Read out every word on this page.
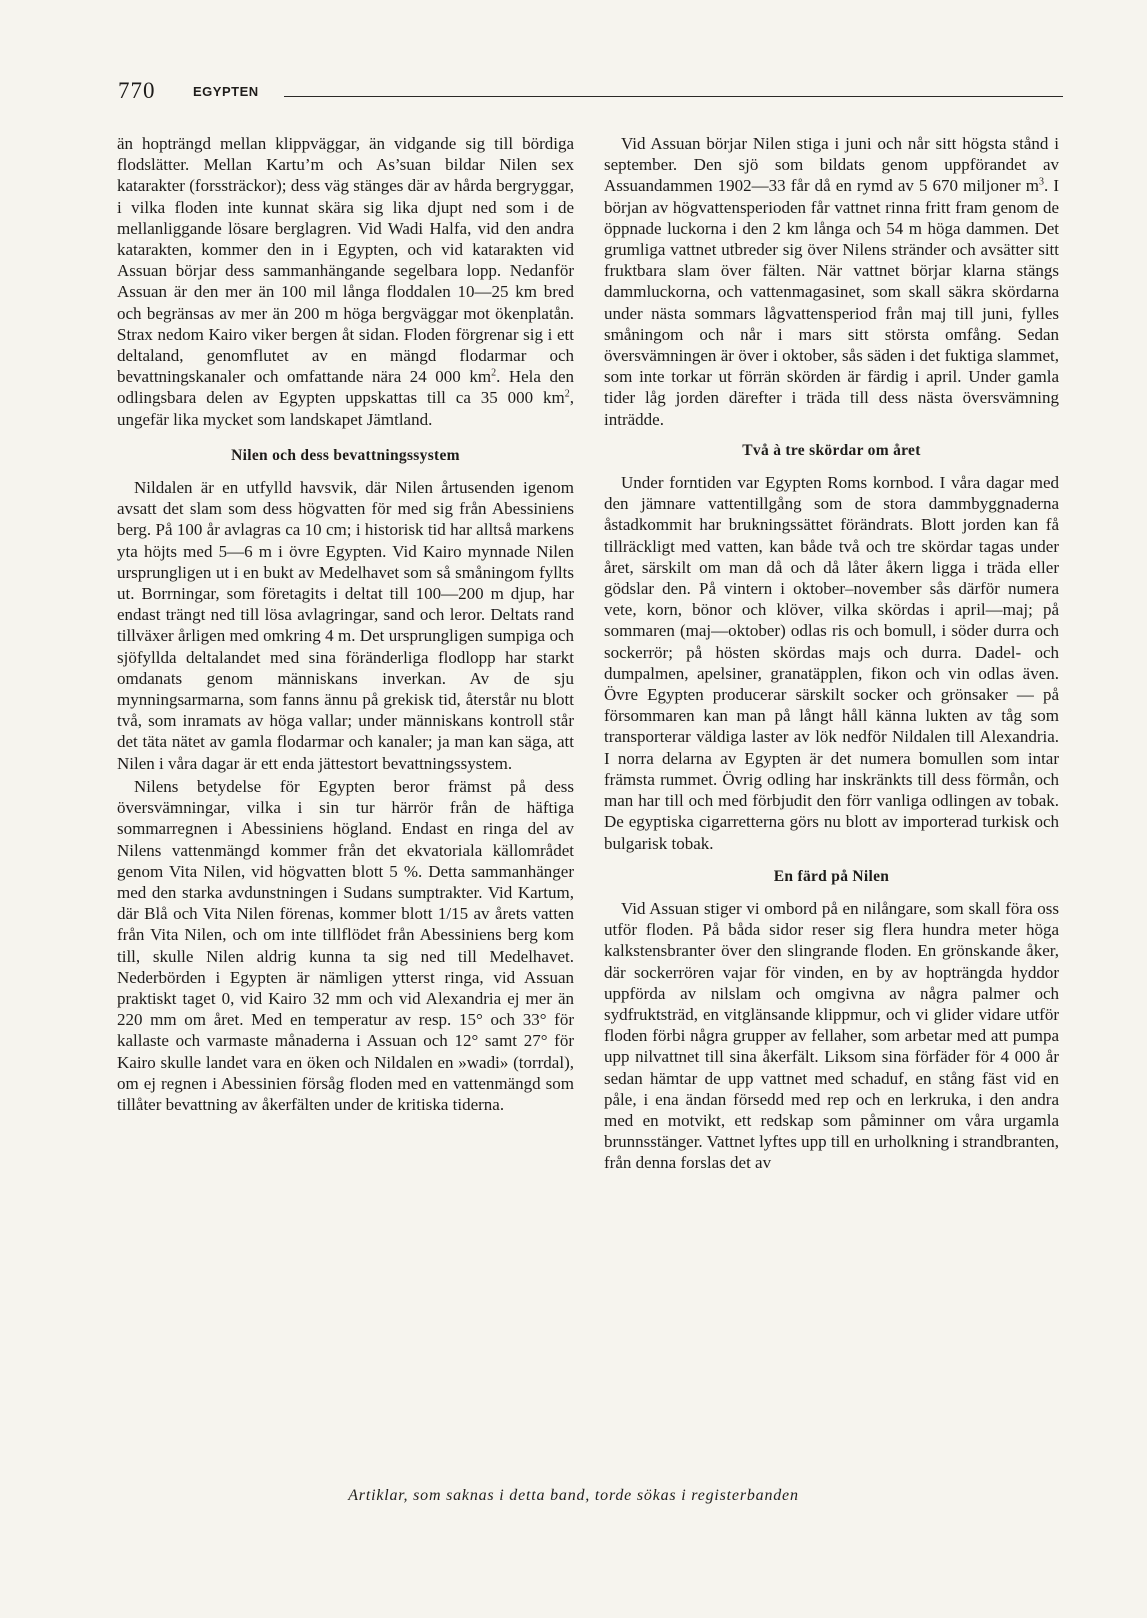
770	EGYPTEN

än hopträngd mellan klippväggar, än vidgande sig till bördiga flodslätter. Mellan Kartu’m och As’suan bildar Nilen sex katarakter (forssträckor); dess väg stänges där av hårda bergryggar, i vilka floden inte kunnat skära sig lika djupt ned som i de mellanliggande lösare berglagren. Vid Wadi Halfa, vid den andra katarakten, kommer den in i Egypten, och vid katarakten vid Assuan börjar dess sammanhängande segelbara lopp. Nedanför Assuan är den mer än 100 mil långa floddalen 10—25 km bred och begränsas av mer än 200 m höga bergväggar mot ökenplatån. Strax nedom Kairo viker bergen åt sidan. Floden förgrenar sig i ett deltaland, genomflutet av en mängd flodarmar och bevattningskanaler och omfattande nära 24 000 $km^2$. Hela den odlingsbara delen av Egypten uppskattas till ca 35 000 $km^2$, ungefär lika mycket som landskapet Jämtland.

Nilen och dess bevattningssystem

Nildalen är en utfylld havsvik, där Nilen årtusenden igenom avsatt det slam som dess högvatten för med sig från Abessiniens berg. På 100 år avlagras ca 10 cm; i historisk tid har alltså markens yta höjts med 5—6 m i övre Egypten. Vid Kairo mynnade Nilen ursprungligen ut i en bukt av Medelhavet som så småningom fyllts ut. Borrningar, som företagits i deltat till 100—200 m djup, har endast trängt ned till lösa avlagringar, sand och leror. Deltats rand tillväxer årligen med omkring 4 m. Det ursprungligen sumpiga och sjöfyllda deltalandet med sina föränderliga flodlopp har starkt omdanats genom människans inverkan. Av de sju mynningsarmarna, som fanns ännu på grekisk tid, återstår nu blott två, som inramats av höga vallar; under människans kontroll står det täta nätet av gamla flodarmar och kanaler; ja man kan säga, att Nilen i våra dagar är ett enda jättestort bevattningssystem.

Nilens betydelse för Egypten beror främst på dess översvämningar, vilka i sin tur härrör från de häftiga sommarregnen i Abessiniens högland. Endast en ringa del av Nilens vattenmängd kommer från det ekvatoriala källområdet genom Vita Nilen, vid högvatten blott 5 %. Detta sammanhänger med den starka avdunstningen i Sudans sumptrakter. Vid Kartum, där Blå och Vita Nilen förenas, kommer blott 1/15 av årets vatten från Vita Nilen, och om inte tillflödet från Abessiniens berg kom till, skulle Nilen aldrig kunna ta sig ned till Medelhavet. Nederbörden i Egypten är nämligen ytterst ringa, vid Assuan praktiskt taget 0, vid Kairo 32 mm och vid Alexandria ej mer än 220 mm om året. Med en temperatur av resp. 15° och 33° för kallaste och varmaste månaderna i Assuan och 12° samt 27° för Kairo skulle landet vara en öken och Nildalen en »wadi» (torrdal), om ej regnen i Abessinien försåg floden med en vattenmängd som tillåter bevattning av åkerfälten under de kritiska tiderna.

Vid Assuan börjar Nilen stiga i juni och når sitt högsta stånd i september. Den sjö som bildats genom uppförandet av Assuandammen 1902—33 får då en rymd av 5 670 miljoner $m^3$. I början av högvattensperioden får vattnet rinna fritt fram genom de öppnade luckorna i den 2 km långa och 54 m höga dammen. Det grumliga vattnet utbreder sig över Nilens stränder och avsätter sitt fruktbara slam över fälten. När vattnet börjar klarna stängs dammluckorna, och vattenmagasinet, som skall säkra skördarna under nästa sommars lågvattensperiod från maj till juni, fylles småningom och når i mars sitt största omfång. Sedan översvämningen är över i oktober, sås säden i det fuktiga slammet, som inte torkar ut förrän skörden är färdig i april. Under gamla tider låg jorden därefter i träda till dess nästa översvämning inträdde.

Två à tre skördar om året

Under forntiden var Egypten Roms kornbod. I våra dagar med den jämnare vattentillgång som de stora dammbyggnaderna åstadkommit har brukningssättet förändrats. Blott jorden kan få tillräckligt med vatten, kan både två och tre skördar tagas under året, särskilt om man då och då låter åkern ligga i träda eller gödslar den. På vintern i oktober–november sås därför numera vete, korn, bönor och klöver, vilka skördas i april—maj; på sommaren (maj—oktober) odlas ris och bomull, i söder durra och sockerrör; på hösten skördas majs och durra. Dadel- och dumpalmen, apelsiner, granatäpplen, fikon och vin odlas även. Övre Egypten producerar särskilt socker och grönsaker — på försommaren kan man på långt håll känna lukten av tåg som transporterar väldiga laster av lök nedför Nildalen till Alexandria. I norra delarna av Egypten är det numera bomullen som intar främsta rummet. Övrig odling har inskränkts till dess förmån, och man har till och med förbjudit den förr vanliga odlingen av tobak. De egyptiska cigarretterna görs nu blott av importerad turkisk och bulgarisk tobak.

En färd på Nilen

Vid Assuan stiger vi ombord på en nilångare, som skall föra oss utför floden. På båda sidor reser sig flera hundra meter höga kalkstensbranter över den slingrande floden. En grönskande åker, där sockerrören vajar för vinden, en by av hopträngda hyddor uppförda av nilslam och omgivna av några palmer och sydfruktsträd, en vitglänsande klippmur, och vi glider vidare utför floden förbi några grupper av fellaher, som arbetar med att pumpa upp nilvattnet till sina åkerfält. Liksom sina förfäder för 4 000 år sedan hämtar de upp vattnet med schaduf, en stång fäst vid en påle, i ena ändan försedd med rep och en lerkruka, i den andra med en motvikt, ett redskap som påminner om våra urgamla brunnsstänger. Vattnet lyftes upp till en urholkning i strandbranten, från denna forslas det av

Artiklar, som saknas i detta band, torde sökas i registerbanden
